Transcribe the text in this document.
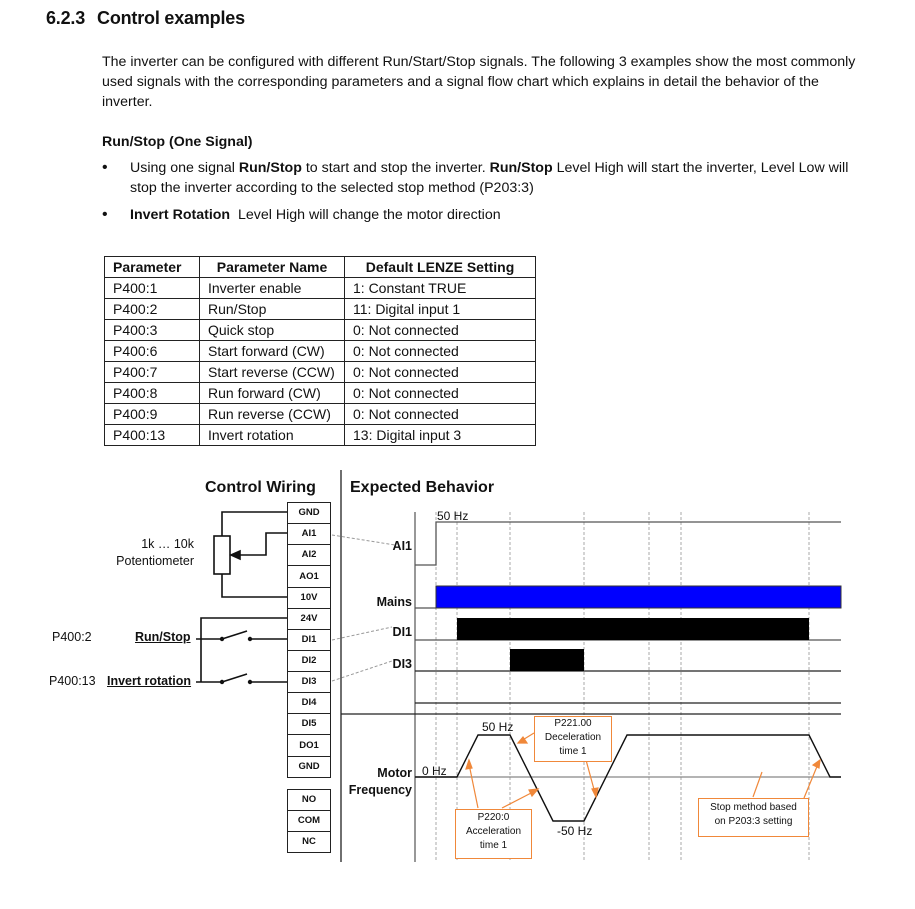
6.2.3 Control examples
The inverter can be configured with different Run/Start/Stop signals. The following 3 examples show the most commonly used signals with the corresponding parameters and a signal flow chart which explains in detail the behavior of the inverter.
Run/Stop (One Signal)
• Using one signal Run/Stop to start and stop the inverter. Run/Stop Level High will start the inverter, Level Low will stop the inverter according to the selected stop method (P203:3)
• Invert Rotation  Level High will change the motor direction
Parameter	Parameter Name	Default LENZE Setting
P400:1	Inverter enable	1: Constant TRUE
P400:2	Run/Stop	11: Digital input 1
P400:3	Quick stop	0: Not connected
P400:6	Start forward (CW)	0: Not connected
P400:7	Start reverse (CCW)	0: Not connected
P400:8	Run forward (CW)	0: Not connected
P400:9	Run reverse (CCW)	0: Not connected
P400:13	Invert rotation	13: Digital input 3
Control Wiring
1k … 10k
Potentiometer
P400:2	Run/Stop
P400:13 Invert rotation
GND
AI1
AI2
AO1
10V
24V
DI1
DI2
DI3
DI4
DI5
DO1
GND
NO
COM
NC
Expected Behavior
AI1
Mains
DI1
DI3
50 Hz
Motor
Frequency
0 Hz
50 Hz
-50 Hz
P221.00
Deceleration
time 1
P220:0
Acceleration
time 1
Stop method based
on P203:3 setting
